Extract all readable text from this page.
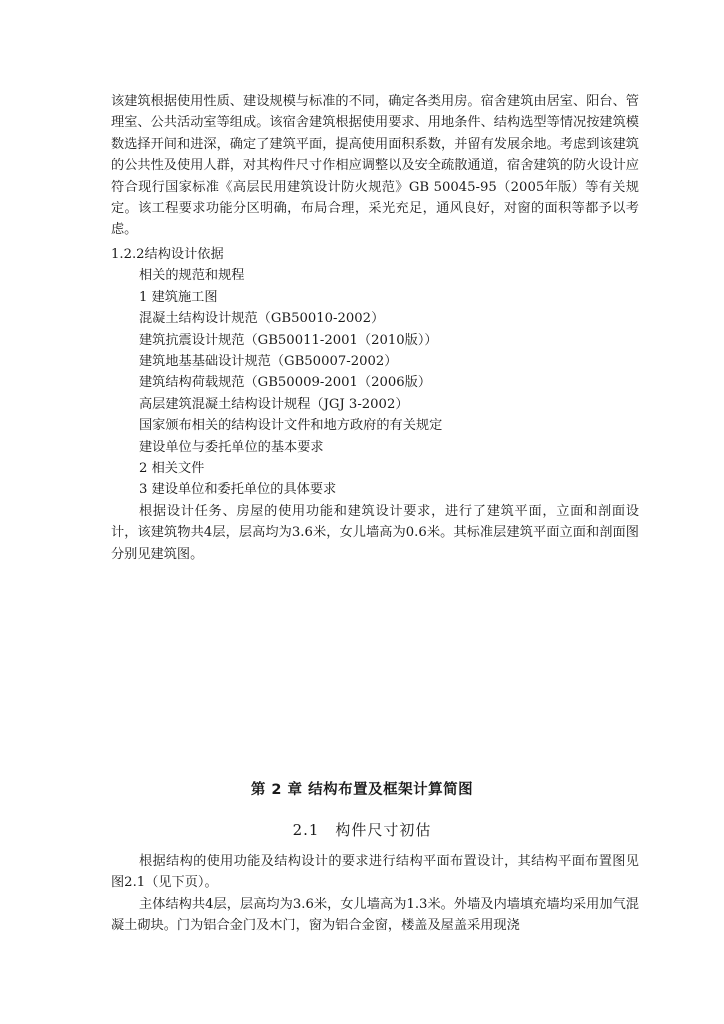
该建筑根据使用性质、建设规模与标准的不同，确定各类用房。宿舍建筑由居室、阳台、管理室、公共活动室等组成。该宿舍建筑根据使用要求、用地条件、结构选型等情况按建筑模数选择开间和进深，确定了建筑平面，提高使用面积系数，并留有发展余地。考虑到该建筑的公共性及使用人群，对其构件尺寸作相应调整以及安全疏散通道，宿舍建筑的防火设计应符合现行国家标准《高层民用建筑设计防火规范》GB 50045-95（2005年版）等有关规定。该工程要求功能分区明确，布局合理，采光充足，通风良好，对窗的面积等都予以考虑。

1.2.2结构设计依据
相关的规范和规程
1 建筑施工图
混凝土结构设计规范（GB50010-2002）
建筑抗震设计规范（GB50011-2001（2010版））
建筑地基基础设计规范（GB50007-2002）
建筑结构荷载规范（GB50009-2001（2006版）
高层建筑混凝土结构设计规程（JGJ 3-2002）
国家颁布相关的结构设计文件和地方政府的有关规定
建设单位与委托单位的基本要求
2 相关文件
3 建设单位和委托单位的具体要求

根据设计任务、房屋的使用功能和建筑设计要求，进行了建筑平面，立面和剖面设计，该建筑物共4层，层高均为3.6米，女儿墙高为0.6米。其标准层建筑平面立面和剖面图分别见建筑图。

第 2 章 结构布置及框架计算简图
2.1　构件尺寸初估

根据结构的使用功能及结构设计的要求进行结构平面布置设计，其结构平面布置图见图2.1（见下页）。

主体结构共4层，层高均为3.6米，女儿墙高为1.3米。外墙及内墙填充墙均采用加气混凝土砌块。门为铝合金门及木门，窗为铝合金窗，楼盖及屋盖采用现浇
